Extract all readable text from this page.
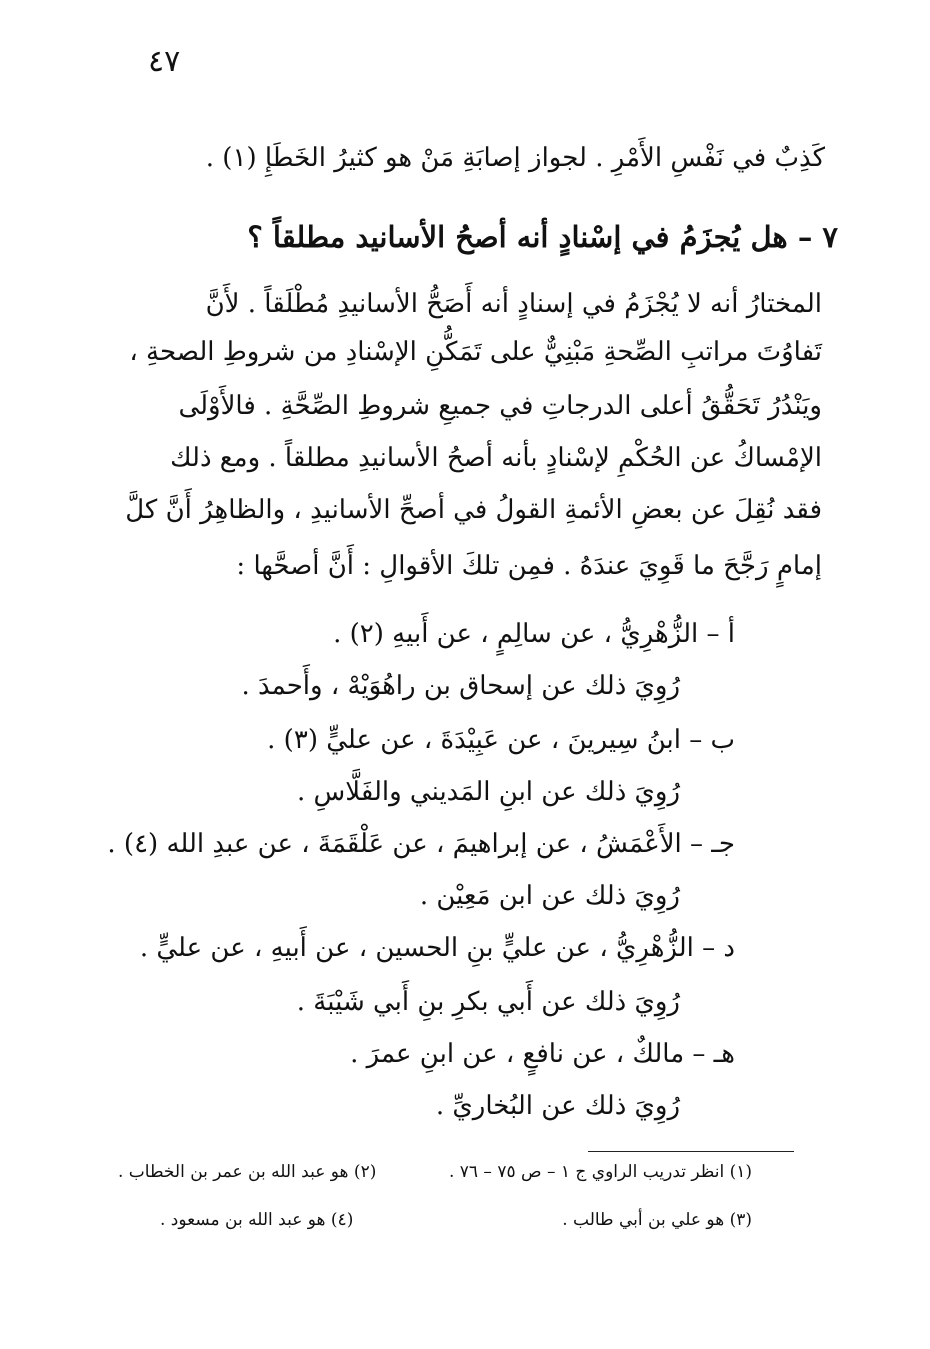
٤٧
كَذِبٌ في نَفْسِ الأَمْرِ . لجواز إصابَةِ مَنْ هو كثيرُ الخَطَإِ (١) .
٧ – هل يُجزَمُ في إسْنادٍ أنه أصحُ الأسانيد مطلقاً ؟
المختارُ أنه لا يُجْزَمُ في إسنادٍ أنه أَصَحُّ الأسانيدِ مُطْلَقاً . لأَنَّ
تَفاوُتَ مراتبِ الصِّحةِ مَبْنِيٌّ على تَمَكُّنِ الإسْنادِ من شروطِ الصحةِ ،
ويَنْدُرُ تَحَقُّقُ أعلى الدرجاتِ في جميعِ شروطِ الصِّحَّةِ . فالأَوْلَى
الإمْساكُ عن الحُكْمِ لإسْنادٍ بأنه أصحُ الأسانيدِ مطلقاً . ومع ذلك
فقد نُقِلَ عن بعضِ الأئمةِ القولُ في أصحِّ الأسانيدِ ، والظاهِرُ أَنَّ كلَّ
إمامٍ رَجَّحَ ما قَوِيَ عندَهُ . فمِن تلكَ الأقوالِ : أَنَّ أصحَّها :
أ – الزُّهْرِيُّ ، عن سالِمٍ ، عن أَبيهِ (٢) .
رُوِيَ ذلك عن إسحاق بن راهُوَيْهْ ، وأَحمدَ .
ب – ابنُ سِيرينَ ، عن عَبِيْدَةَ ، عن عليٍّ (٣) .
رُوِيَ ذلك عن ابنِ المَديني والفَلَّاسِ .
جـ – الأَعْمَشُ ، عن إبراهيمَ ، عن عَلْقَمَةَ ، عن عبدِ الله (٤) .
رُوِيَ ذلك عن ابن مَعِيْن .
د – الزُّهْرِيُّ ، عن عليٍّ بنِ الحسين ، عن أَبيهِ ، عن عليٍّ .
رُوِيَ ذلك عن أَبي بكرِ بنِ أَبي شَيْبَةَ .
هـ – مالكٌ ، عن نافعٍ ، عن ابنِ عمرَ .
رُوِيَ ذلك عن البُخاريِّ .
(١) انظر تدريب الراوي ج ١ – ص ٧٥ – ٧٦ .
(٢) هو عبد الله بن عمر بن الخطاب .
(٣) هو علي بن أبي طالب .
(٤) هو عبد الله بن مسعود .
